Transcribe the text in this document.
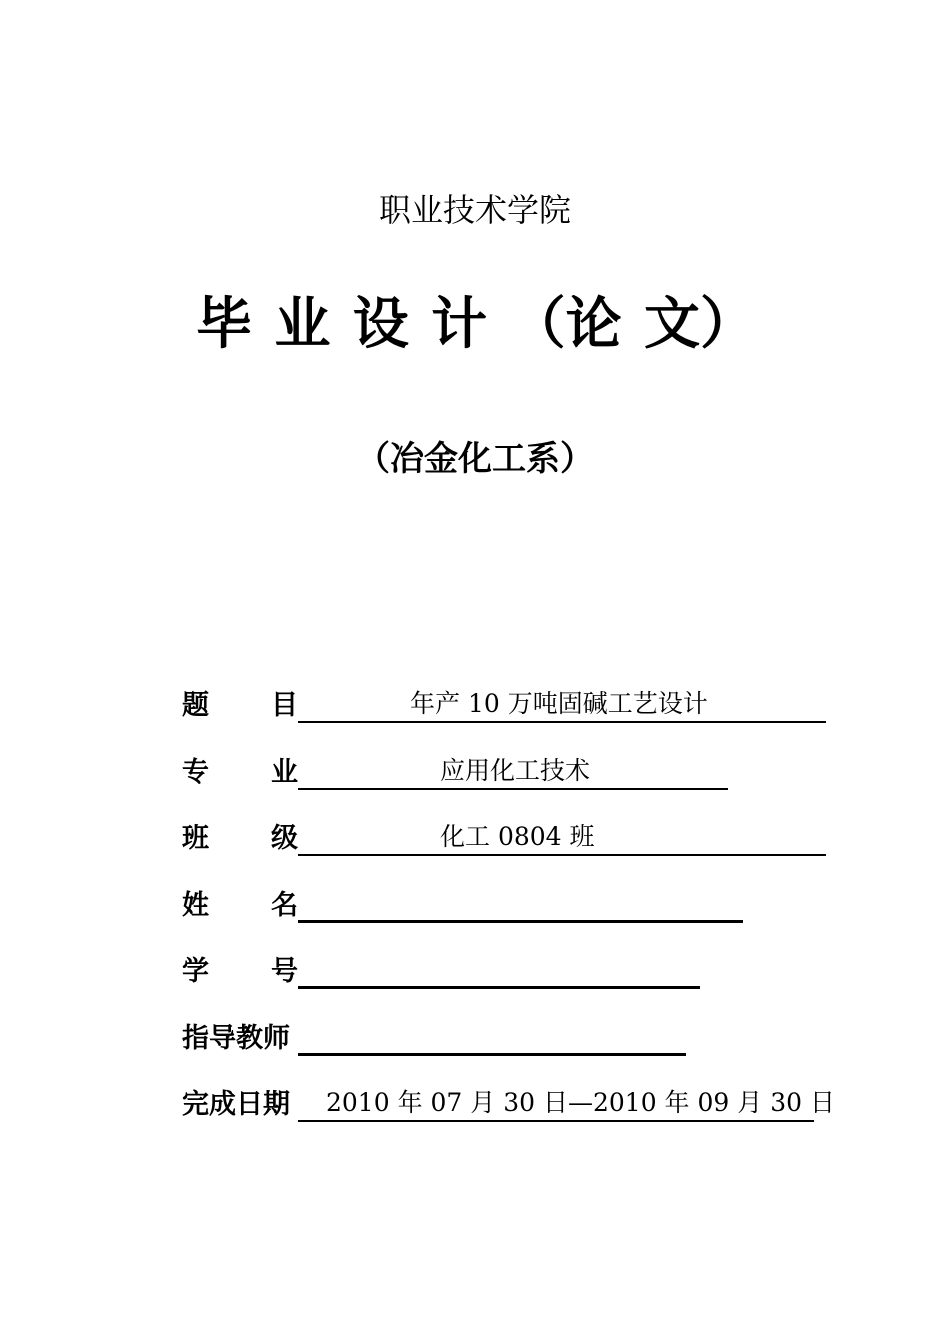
职业技术学院
毕 业 设 计 （论 文）
（冶金化工系）
题 目	年产 10 万吨固碱工艺设计
专 业	应用化工技术
班 级	化工 0804 班
姓 名
学 号
指导教师
完成日期 2010 年 07 月 30 日—2010 年 09 月 30 日
